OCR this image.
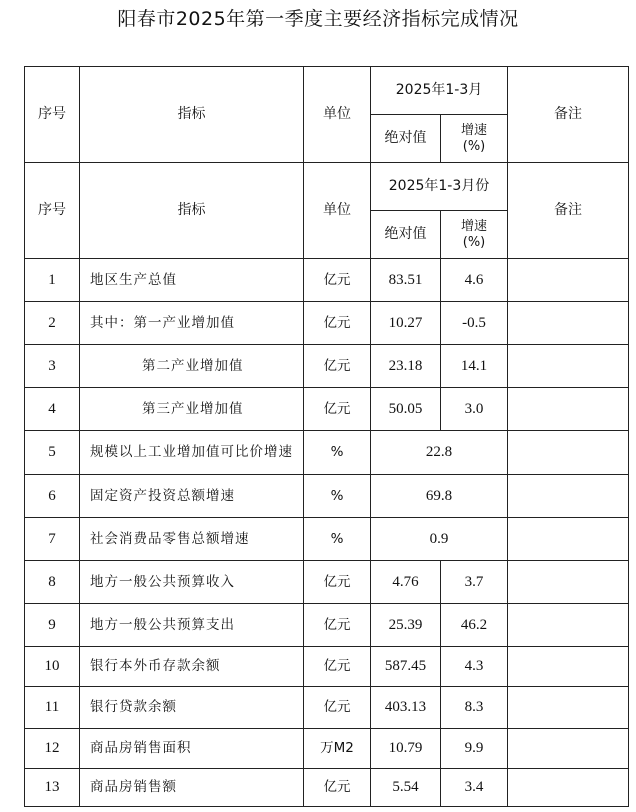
阳春市2025年第一季度主要经济指标完成情况
序号	指标	单位	2025年1-3月		备注
			绝对值	增速
(%)	

序号	指标	单位	2025年1-3月份		备注
			绝对值	增速
(%)	

1	地区生产总值	亿元	83.51	4.6	
2	其中：第一产业增加值	亿元	10.27	-0.5	
3	第二产业增加值	亿元	23.18	14.1	
4	第三产业增加值	亿元	50.05	3.0	
5	规模以上工业增加值可比价增速	%	22.8		
6	固定资产投资总额增速	%	69.8		
7	社会消费品零售总额增速	%	0.9		
8	地方一般公共预算收入	亿元	4.76	3.7	
9	地方一般公共预算支出	亿元	25.39	46.2	
10	银行本外币存款余额	亿元	587.45	4.3	
11	银行贷款余额	亿元	403.13	8.3	
12	商品房销售面积	万M2	10.79	9.9	
13	商品房销售额	亿元	5.54	3.4	
